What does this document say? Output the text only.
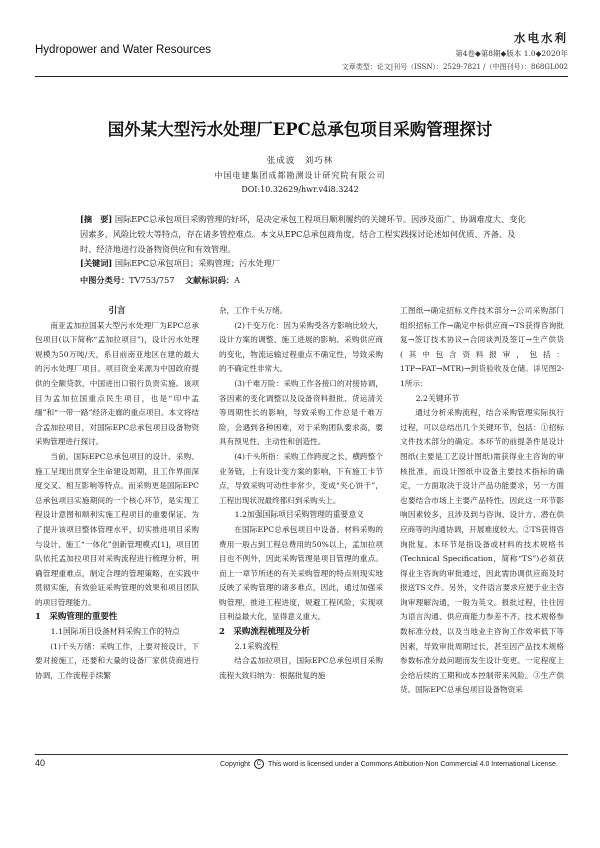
Hydropower and Water Resources
水电水利
第4卷◆第8期◆版本 1.0◆2020年
文章类型：论文|刊号（ISSN）：2529-7821 /（中图刊号）：868GL002
国外某大型污水处理厂EPC总承包项目采购管理探讨
张成波　刘巧林
中国电建集团成都勘测设计研究院有限公司
DOI:10.32629/hwr.v4i8.3242
[摘　要] 国际EPC总承包项目采购管理的好坏，是决定承包工程项目顺利履约的关键环节。因涉及面广、协调难度大、变化因素多、风险比较大等特点，存在诸多管控难点。本文从EPC总承包商角度，结合工程实践探讨论述如何优质、齐备、及时、经济地进行设备物资供应和有效管理。
[关键词] 国际EPC总承包项目；采购管理；污水处理厂
中图分类号：TV753/757 文献标识码：A
引言

南亚孟加拉国某大型污水处理厂为EPC总承包项目(以下简称“孟加拉项目”)，设计污水处理规模为50万吨/天，系目前南亚地区在建的最大的污水处理厂项目。项目资金来源为中国政府提供的全额贷款，中国进出口银行负责实施。该项目为孟加拉国重点民生项目，也是“印中孟缅”和“一带一路”经济走廊的重点项目。本文将结合孟加拉项目，对国际EPC总承包项目设备物资采购管理进行探讨。

当前，国际EPC总承包项目的设计、采购、施工呈现出贯穿全生命建设周期，且工作界面深度交叉、相互影响等特点。而采购更是国际EPC总承包项目实施期间的一个核心环节，是实现工程设计意图和顺利实施工程项目的重要保证。为了提升该项目整体管理水平，切实推进项目采购与设计、施工“一体化”创新管理模式[1]，项目团队依托孟加拉项目对采购流程进行梳理分析，明确管理重难点，制定合理的管理策略，在实践中贯彻实施，有效验证采购管理的效果和项目团队的项目管理能力。

1　采购管理的重要性
1.1国际项目设备材料采购工作的特点

(1)千头万绪：采购工作，上要对接设计，下要对接施工，还要和大量的设备厂家供货商进行协调，工作流程手续繁

杂，工作千头万绪。

(2)千变万化：因为采购受各方影响比较大，设计方案的调整、施工进展的影响、采购供应商的变化，物流运输过程重点不确定性，导致采购的不确定性非常大。

(3)千难万险：采购工作各接口的对接协调，各因素的变化调整以及设备资料报批、货运清关等周期性长的影响，导致采购工作总是千难万险，会遇到各种困难，对于采购团队要求高，要具有预见性、主动性和创造性。

(4)千头所指：采购工作跨度之长，横跨整个业务链，上有设计变方案的影响，下有施工卡节点，导致采购可动性非常少，变成“夹心饼干”，工程出现状况最终都归到采购头上。

1.2加强国际项目采购管理的重要意义

在国际EPC总承包项目中设备、材料采购的费用一般占到工程总费用的50%以上，孟加拉项目也不例外，因此采购管理是项目管理的重点。而上一章节所述的有关采购管理的特点则现实地反映了采购管理的诸多难点，因此，通过加强采购管理，推进工程进度，规避工程风险，实现项目利益最大化，显得意义重大。

2　采购流程梳理及分析
2.1采购流程

结合孟加拉项目，国际EPC总承包项目采购流程大致归纳为：根据批复的施

工图纸→确定招标文件技术部分→公司采购部门组织招标工作→确定中标供应商→TS获得咨询批复→签订技术协议→合同谈判及签订→生产供货(其中包含资料报审，包括：1TP→FAT→MTR)→到货验收及仓储。详见图2-1所示：

2.2关键环节

通过分析采购流程，结合采购管理实际执行过程，可以总结出几个关键环节，包括：①招标文件技术部分的确定。本环节的前提条件是设计图纸(主要是工艺设计图纸)需获得业主咨询的审核批准，而设计图纸中设备主要技术指标的确定，一方面取决于设计产品功能要求，另一方面也要结合市场上主要产品特性。因此这一环节影响因素较多，且涉及到与咨询、设计方、潜在供应商等的沟通协调，开展难度较大。②TS获得咨询批复。本环节是指设备或材料的技术规格书(Technical Specification，简称“TS”)必须获得业主咨询的审批通过，因此需协调供应商及时报送TS文件。另外，文件语言要求应便于业主咨询审理解沟通，一般为英文。报批过程，往往因为语言沟通、供应商能力参差不齐、技术规格参数标准分歧，以及当地业主咨询工作效率低下等因素，导致审批周期过长，甚至因产品技术规格参数标准分歧问题而发生设计变更。一定程度上会给后续的工期和成本控制带来风险。③生产供货。国际EPC总承包项目设备物资采

40	Copyright C This word is licensed under a Commons Attibution-Non Commercial 4.0 International License.
